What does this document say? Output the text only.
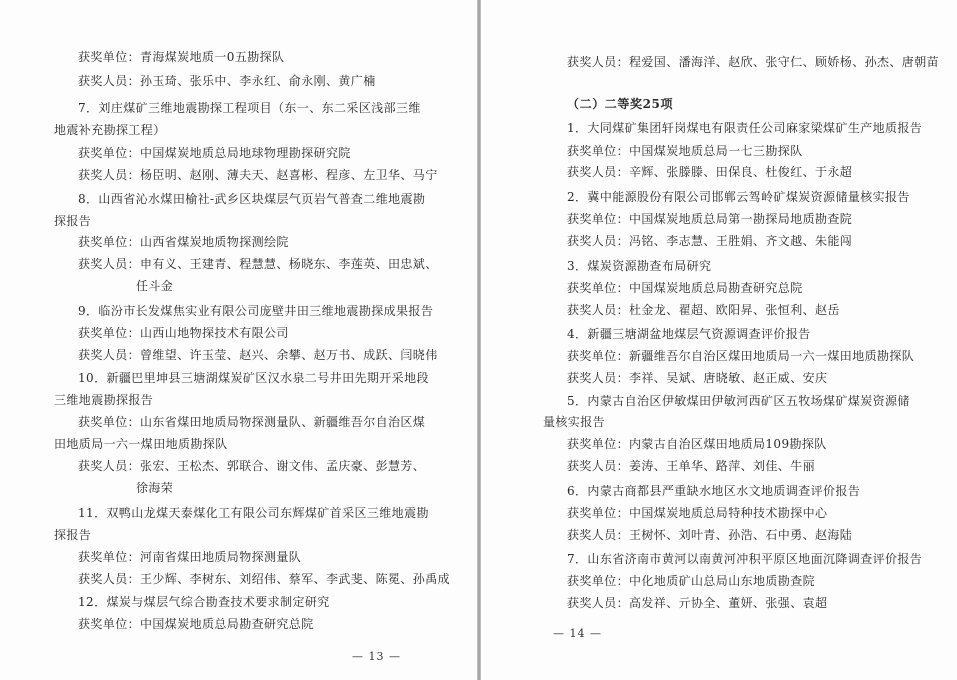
获奖单位：青海煤炭地质一0五勘探队
获奖人员：孙玉琦、张乐中、李永红、俞永刚、黄广楠
7．刘庄煤矿三维地震勘探工程项目（东一、东二采区浅部三维
地震补充勘探工程）
获奖单位：中国煤炭地质总局地球物理勘探研究院
获奖人员：杨臣明、赵刚、薄夫天、赵喜彬、程彦、左卫华、马宁
8．山西省沁水煤田榆社-武乡区块煤层气页岩气普查二维地震勘
探报告
获奖单位：山西省煤炭地质物探测绘院
获奖人员：申有义、王建青、程慧慧、杨晓东、李莲英、田忠斌、
任斗金
9．临汾市长发煤焦实业有限公司庞壁井田三维地震勘探成果报告
获奖单位：山西山地物探技术有限公司
获奖人员：曾维望、许玉莹、赵兴、余攀、赵万书、成跃、闫晓伟
10．新疆巴里坤县三塘湖煤炭矿区汉水泉二号井田先期开采地段
三维地震勘探报告
获奖单位：山东省煤田地质局物探测量队、新疆维吾尔自治区煤
田地质局一六一煤田地质勘探队
获奖人员：张宏、王松杰、郭联合、谢文伟、孟庆豪、彭慧芳、
徐海荣
11．双鸭山龙煤天泰煤化工有限公司东辉煤矿首采区三维地震勘
探报告
获奖单位：河南省煤田地质局物探测量队
获奖人员：王少辉、李树东、刘绍伟、蔡军、李武斐、陈冕、孙禹成
12．煤炭与煤层气综合勘查技术要求制定研究
获奖单位：中国煤炭地质总局勘查研究总院
— 13 —
获奖人员：程爱国、潘海洋、赵欣、张守仁、顾娇杨、孙杰、唐朝苗
（二）二等奖25项
1．大同煤矿集团轩岗煤电有限责任公司麻家梁煤矿生产地质报告
获奖单位：中国煤炭地质总局一七三勘探队
获奖人员：辛辉、张滕滕、田保良、杜俊红、于永超
2．冀中能源股份有限公司邯郸云驾岭矿煤炭资源储量核实报告
获奖单位：中国煤炭地质总局第一勘探局地质勘查院
获奖人员：冯铭、李志慧、王胜娟、齐文越、朱能闯
3．煤炭资源勘查布局研究
获奖单位：中国煤炭地质总局勘查研究总院
获奖人员：杜金龙、翟超、欧阳昇、张恒利、赵岳
4．新疆三塘湖盆地煤层气资源调查评价报告
获奖单位：新疆维吾尔自治区煤田地质局一六一煤田地质勘探队
获奖人员：李祥、吴斌、唐晓敏、赵正威、安庆
5．内蒙古自治区伊敏煤田伊敏河西矿区五牧场煤矿煤炭资源储
量核实报告
获奖单位：内蒙古自治区煤田地质局109勘探队
获奖人员：姜涛、王单华、路萍、刘佳、牛丽
6．内蒙古商都县严重缺水地区水文地质调查评价报告
获奖单位：中国煤炭地质总局特种技术勘探中心
获奖人员：王树怀、刘叶青、孙浩、石中勇、赵海陆
7．山东省济南市黄河以南黄河冲积平原区地面沉降调查评价报告
获奖单位：中化地质矿山总局山东地质勘查院
获奖人员：高发祥、亓协全、董妍、张强、袁超
— 14 —
